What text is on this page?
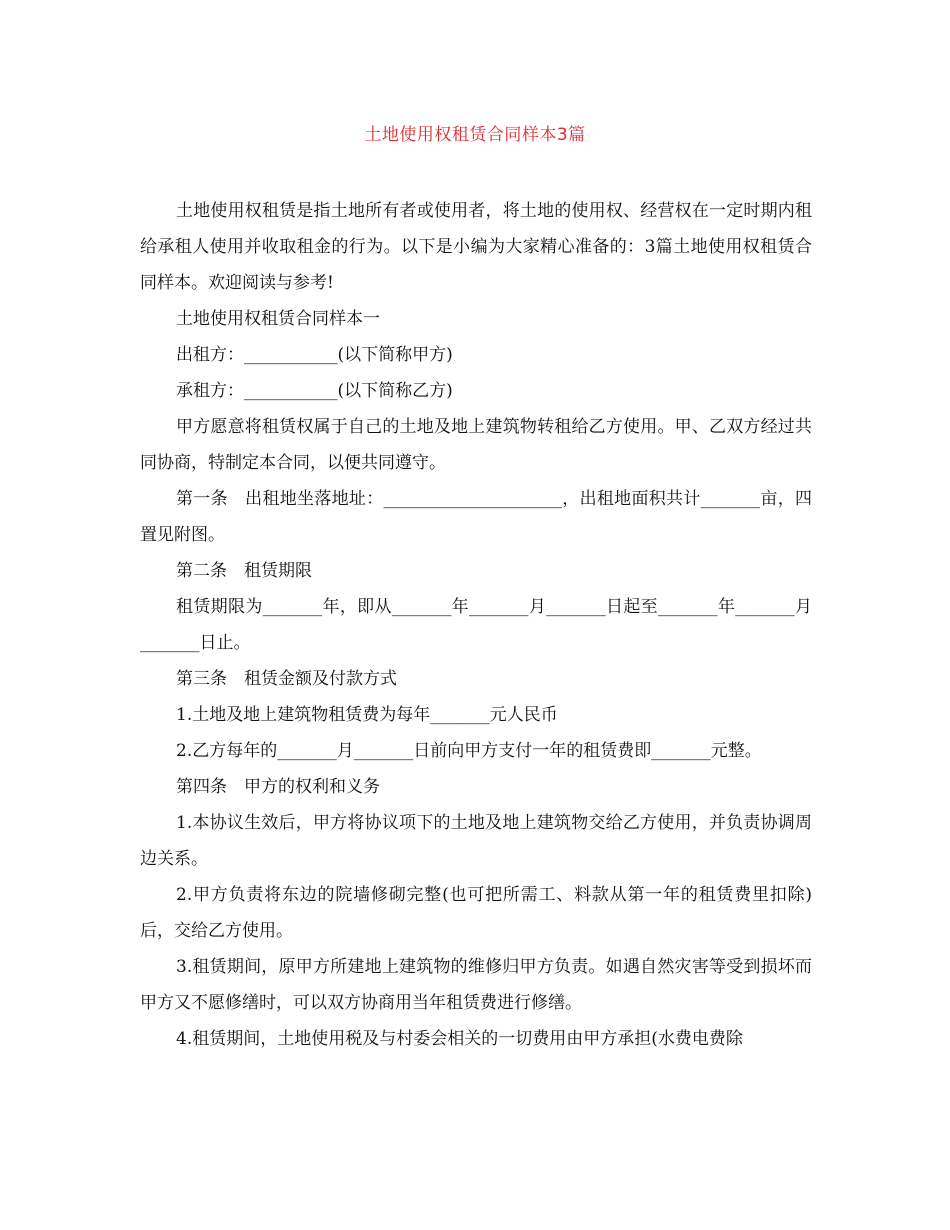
土地使用权租赁合同样本3篇

土地使用权租赁是指土地所有者或使用者，将土地的使用权、经营权在一定时期内租给承租人使用并收取租金的行为。以下是小编为大家精心准备的：3篇土地使用权租赁合同样本。欢迎阅读与参考!

土地使用权租赁合同样本一

出租方：___________(以下简称甲方)

承租方：___________(以下简称乙方)

甲方愿意将租赁权属于自己的土地及地上建筑物转租给乙方使用。甲、乙双方经过共同协商，特制定本合同，以便共同遵守。

第一条　出租地坐落地址：_____________________，出租地面积共计_______亩，四置见附图。

第二条　租赁期限

租赁期限为_______年，即从_______年_______月_______日起至_______年_______月_______日止。

第三条　租赁金额及付款方式

1.土地及地上建筑物租赁费为每年_______元人民币

2.乙方每年的_______月_______日前向甲方支付一年的租赁费即_______元整。

第四条　甲方的权利和义务

1.本协议生效后，甲方将协议项下的土地及地上建筑物交给乙方使用，并负责协调周边关系。

2.甲方负责将东边的院墙修砌完整(也可把所需工、料款从第一年的租赁费里扣除)后，交给乙方使用。

3.租赁期间，原甲方所建地上建筑物的维修归甲方负责。如遇自然灾害等受到损坏而甲方又不愿修缮时，可以双方协商用当年租赁费进行修缮。

4.租赁期间，土地使用税及与村委会相关的一切费用由甲方承担(水费电费除
